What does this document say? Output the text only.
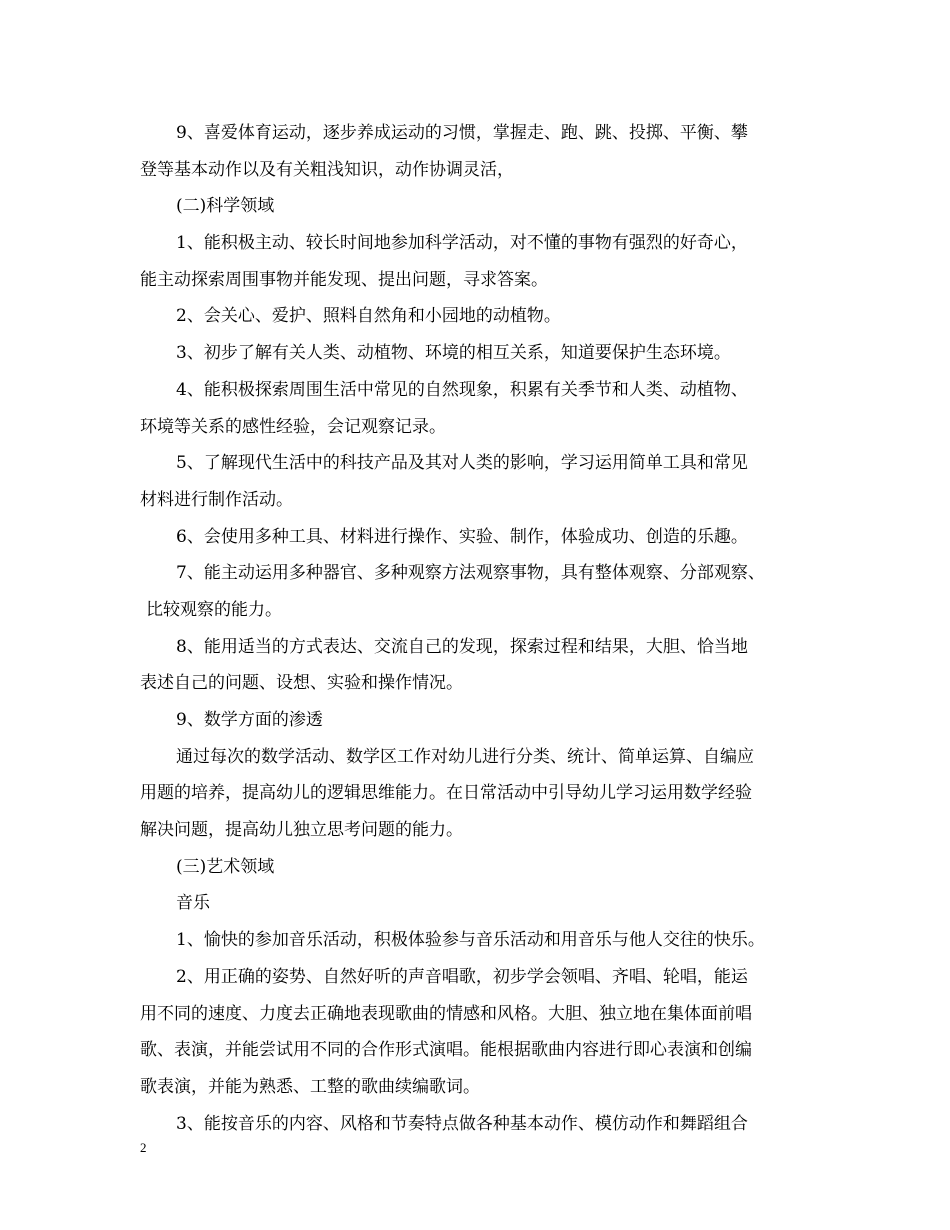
9、喜爱体育运动，逐步养成运动的习惯，掌握走、跑、跳、投掷、平衡、攀
登等基本动作以及有关粗浅知识，动作协调灵活，
(二)科学领域
1、能积极主动、较长时间地参加科学活动，对不懂的事物有强烈的好奇心，
能主动探索周围事物并能发现、提出问题，寻求答案。
2、会关心、爱护、照料自然角和小园地的动植物。
3、初步了解有关人类、动植物、环境的相互关系，知道要保护生态环境。
4、能积极探索周围生活中常见的自然现象，积累有关季节和人类、动植物、
环境等关系的感性经验，会记观察记录。
5、了解现代生活中的科技产品及其对人类的影响，学习运用简单工具和常见
材料进行制作活动。
6、会使用多种工具、材料进行操作、实验、制作，体验成功、创造的乐趣。
7、能主动运用多种器官、多种观察方法观察事物，具有整体观察、分部观察、
比较观察的能力。
8、能用适当的方式表达、交流自己的发现，探索过程和结果，大胆、恰当地
表述自己的问题、设想、实验和操作情况。
9、数学方面的渗透
通过每次的数学活动、数学区工作对幼儿进行分类、统计、简单运算、自编应
用题的培养，提高幼儿的逻辑思维能力。在日常活动中引导幼儿学习运用数学经验
解决问题，提高幼儿独立思考问题的能力。
(三)艺术领域
音乐
1、愉快的参加音乐活动，积极体验参与音乐活动和用音乐与他人交往的快乐。
2、用正确的姿势、自然好听的声音唱歌，初步学会领唱、齐唱、轮唱，能运
用不同的速度、力度去正确地表现歌曲的情感和风格。大胆、独立地在集体面前唱
歌、表演，并能尝试用不同的合作形式演唱。能根据歌曲内容进行即心表演和创编
歌表演，并能为熟悉、工整的歌曲续编歌词。
3、能按音乐的内容、风格和节奏特点做各种基本动作、模仿动作和舞蹈组合
2
